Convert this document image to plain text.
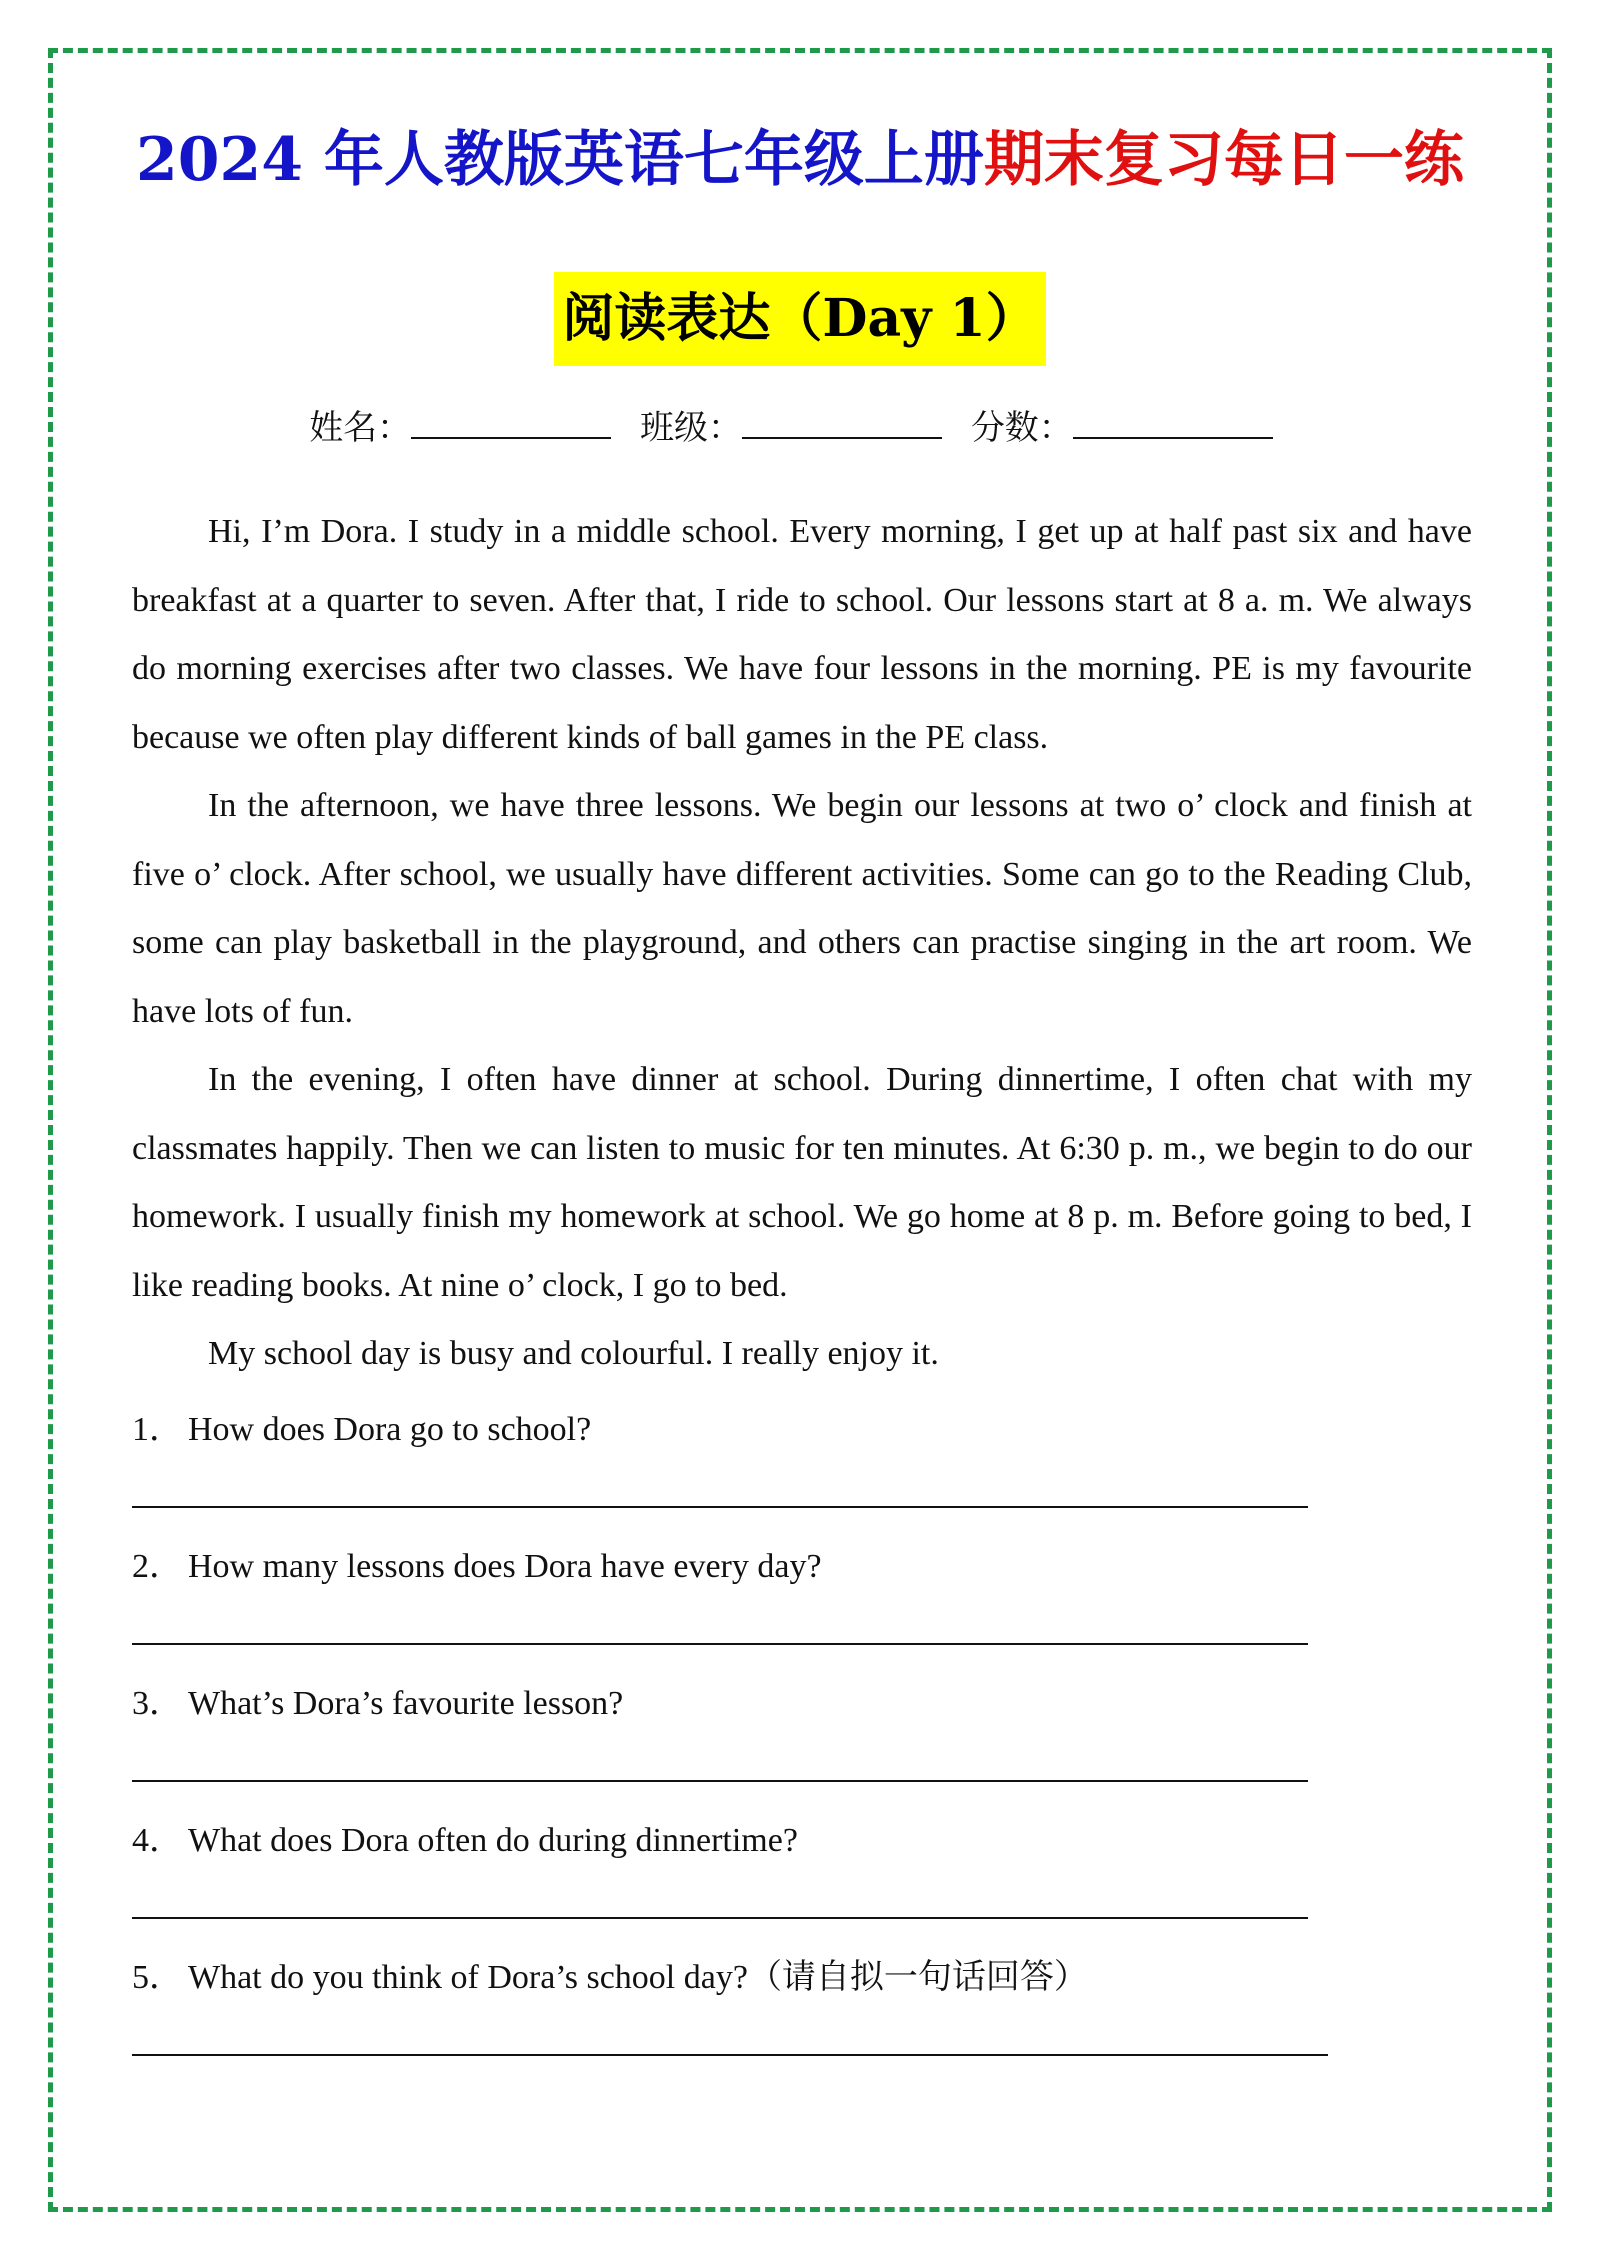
2024 年人教版英语七年级上册期末复习每日一练
阅读表达（Day 1）
姓名：	班级：	分数：

Hi, I’m Dora. I study in a middle school. Every morning, I get up at half past six and have breakfast at a quarter to seven. After that, I ride to school. Our lessons start at 8 a. m. We always do morning exercises after two classes. We have four lessons in the morning. PE is my favourite because we often play different kinds of ball games in the PE class.

In the afternoon, we have three lessons. We begin our lessons at two o’ clock and finish at five o’ clock. After school, we usually have different activities. Some can go to the Reading Club, some can play basketball in the playground, and others can practise singing in the art room. We have lots of fun.

In the evening, I often have dinner at school. During dinnertime, I often chat with my classmates happily. Then we can listen to music for ten minutes. At 6:30 p. m., we begin to do our homework. I usually finish my homework at school. We go home at 8 p. m. Before going to bed, I like reading books. At nine o’ clock, I go to bed.

My school day is busy and colourful. I really enjoy it.

1． How does Dora go to school?
2． How many lessons does Dora have every day?
3． What’s Dora’s favourite lesson?
4． What does Dora often do during dinnertime?
5． What do you think of Dora’s school day?（请自拟一句话回答）
